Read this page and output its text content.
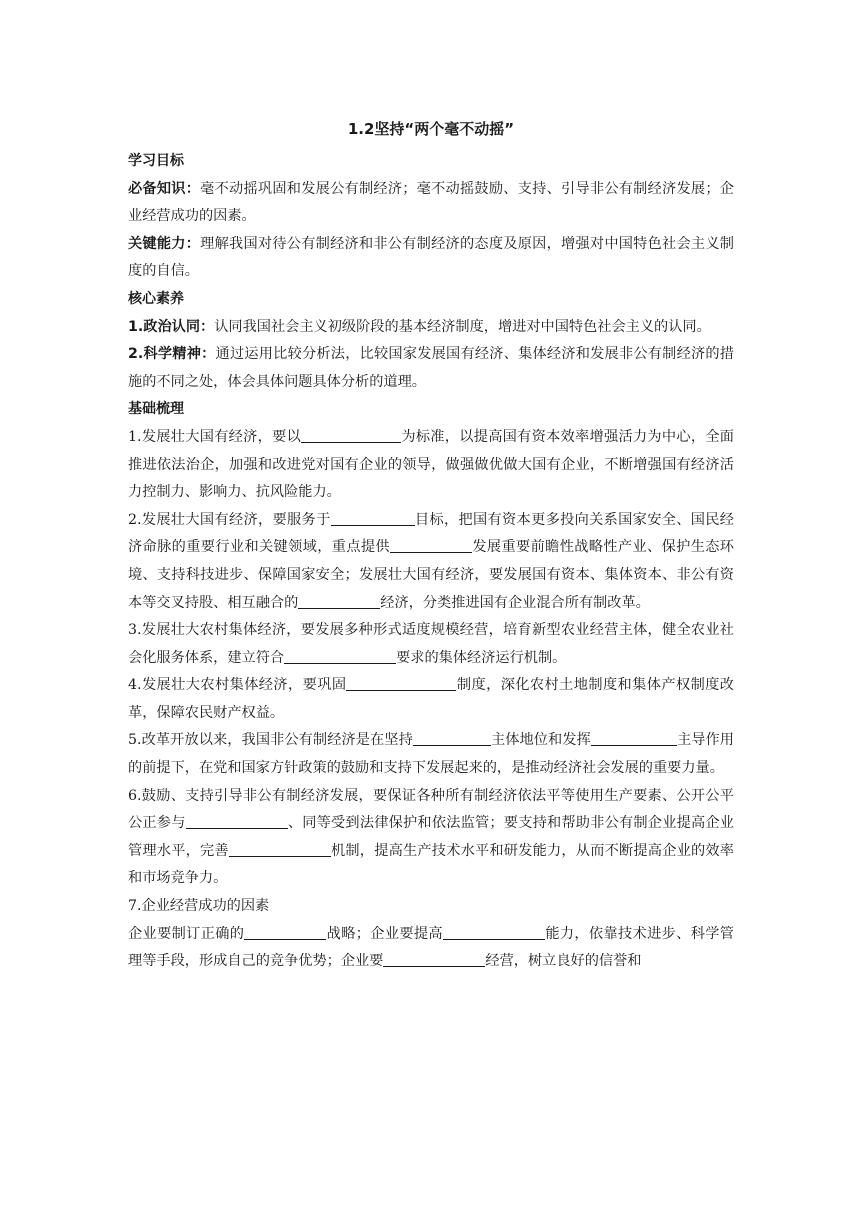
1.2坚持“两个毫不动摇”

学习目标

必备知识：毫不动摇巩固和发展公有制经济；毫不动摇鼓励、支持、引导非公有制经济发展；企业经营成功的因素。

关键能力：理解我国对待公有制经济和非公有制经济的态度及原因，增强对中国特色社会主义制度的自信。

核心素养

1.政治认同：认同我国社会主义初级阶段的基本经济制度，增进对中国特色社会主义的认同。

2.科学精神：通过运用比较分析法，比较国家发展国有经济、集体经济和发展非公有制经济的措施的不同之处，体会具体问题具体分析的道理。

基础梳理

1.发展壮大国有经济，要以	为标准，以提高国有资本效率增强活力为中心，全面推进依法治企，加强和改进党对国有企业的领导，做强做优做大国有企业，不断增强国有经济活力控制力、影响力、抗风险能力。

2.发展壮大国有经济，要服务于	目标，把国有资本更多投向关系国家安全、国民经济命脉的重要行业和关键领域，重点提供	发展重要前瞻性战略性产业、保护生态环境、支持科技进步、保障国家安全；发展壮大国有经济，要发展国有资本、集体资本、非公有资本等交叉持股、相互融合的	经济，分类推进国有企业混合所有制改革。

3.发展壮大农村集体经济，要发展多种形式适度规模经营，培育新型农业经营主体，健全农业社会化服务体系，建立符合	要求的集体经济运行机制。

4.发展壮大农村集体经济，要巩固	制度，深化农村土地制度和集体产权制度改革，保障农民财产权益。

5.改革开放以来，我国非公有制经济是在坚持	主体地位和发挥	主导作用的前提下，在党和国家方针政策的鼓励和支持下发展起来的，是推动经济社会发展的重要力量。

6.鼓励、支持引导非公有制经济发展，要保证各种所有制经济依法平等使用生产要素、公开公平公正参与	、同等受到法律保护和依法监管；要支持和帮助非公有制企业提高企业管理水平，完善	机制，提高生产技术水平和研发能力，从而不断提高企业的效率和市场竞争力。

7.企业经营成功的因素

企业要制订正确的	战略；企业要提高	能力，依靠技术进步、科学管理等手段，形成自己的竞争优势；企业要	经营，树立良好的信誉和
